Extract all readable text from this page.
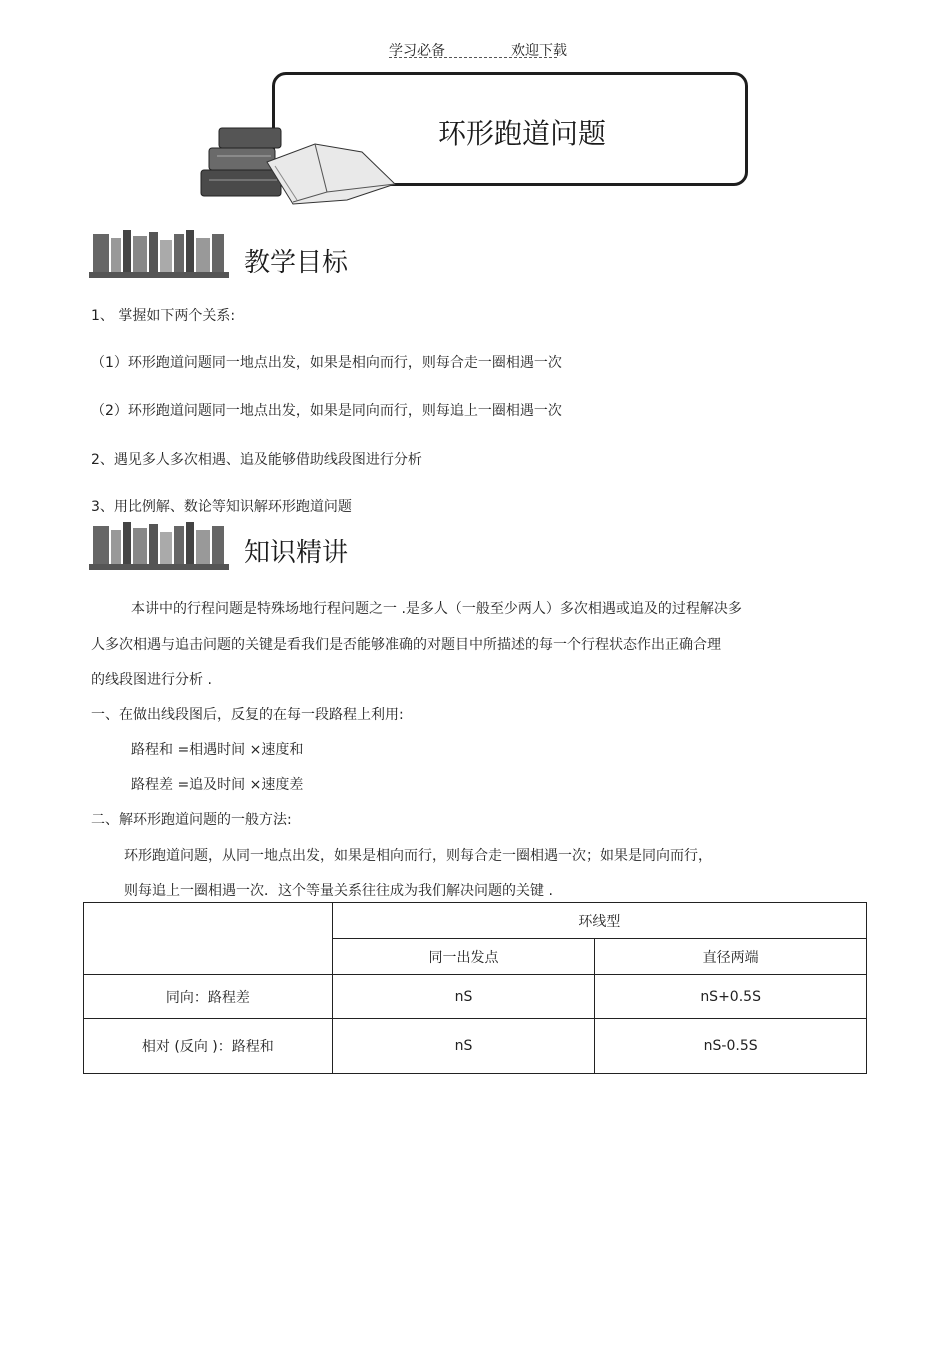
学习必备	欢迎下载
环形跑道问题
教学目标
1、 掌握如下两个关系:
（1）环形跑道问题同一地点出发，如果是相向而行，则每合走一圈相遇一次
（2）环形跑道问题同一地点出发，如果是同向而行，则每追上一圈相遇一次
2、遇见多人多次相遇、追及能够借助线段图进行分析
3、用比例解、数论等知识解环形跑道问题
知识精讲
本讲中的行程问题是特殊场地行程问题之一 .是多人（一般至少两人）多次相遇或追及的过程解决多
人多次相遇与追击问题的关键是看我们是否能够准确的对题目中所描述的每一个行程状态作出正确合理
的线段图进行分析 .
一、在做出线段图后，反复的在每一段路程上利用:
路程和 =相遇时间 ×速度和
路程差 =追及时间 ×速度差
二、解环形跑道问题的一般方法:
环形跑道问题，从同一地点出发，如果是相向而行，则每合走一圈相遇一次；如果是同向而行，
则每追上一圈相遇一次．这个等量关系往往成为我们解决问题的关键 .
	环线型	
	同一出发点	直径两端
同向：路程差	nS	nS+0.5S
相对 (反向 )：路程和	nS	nS-0.5S
